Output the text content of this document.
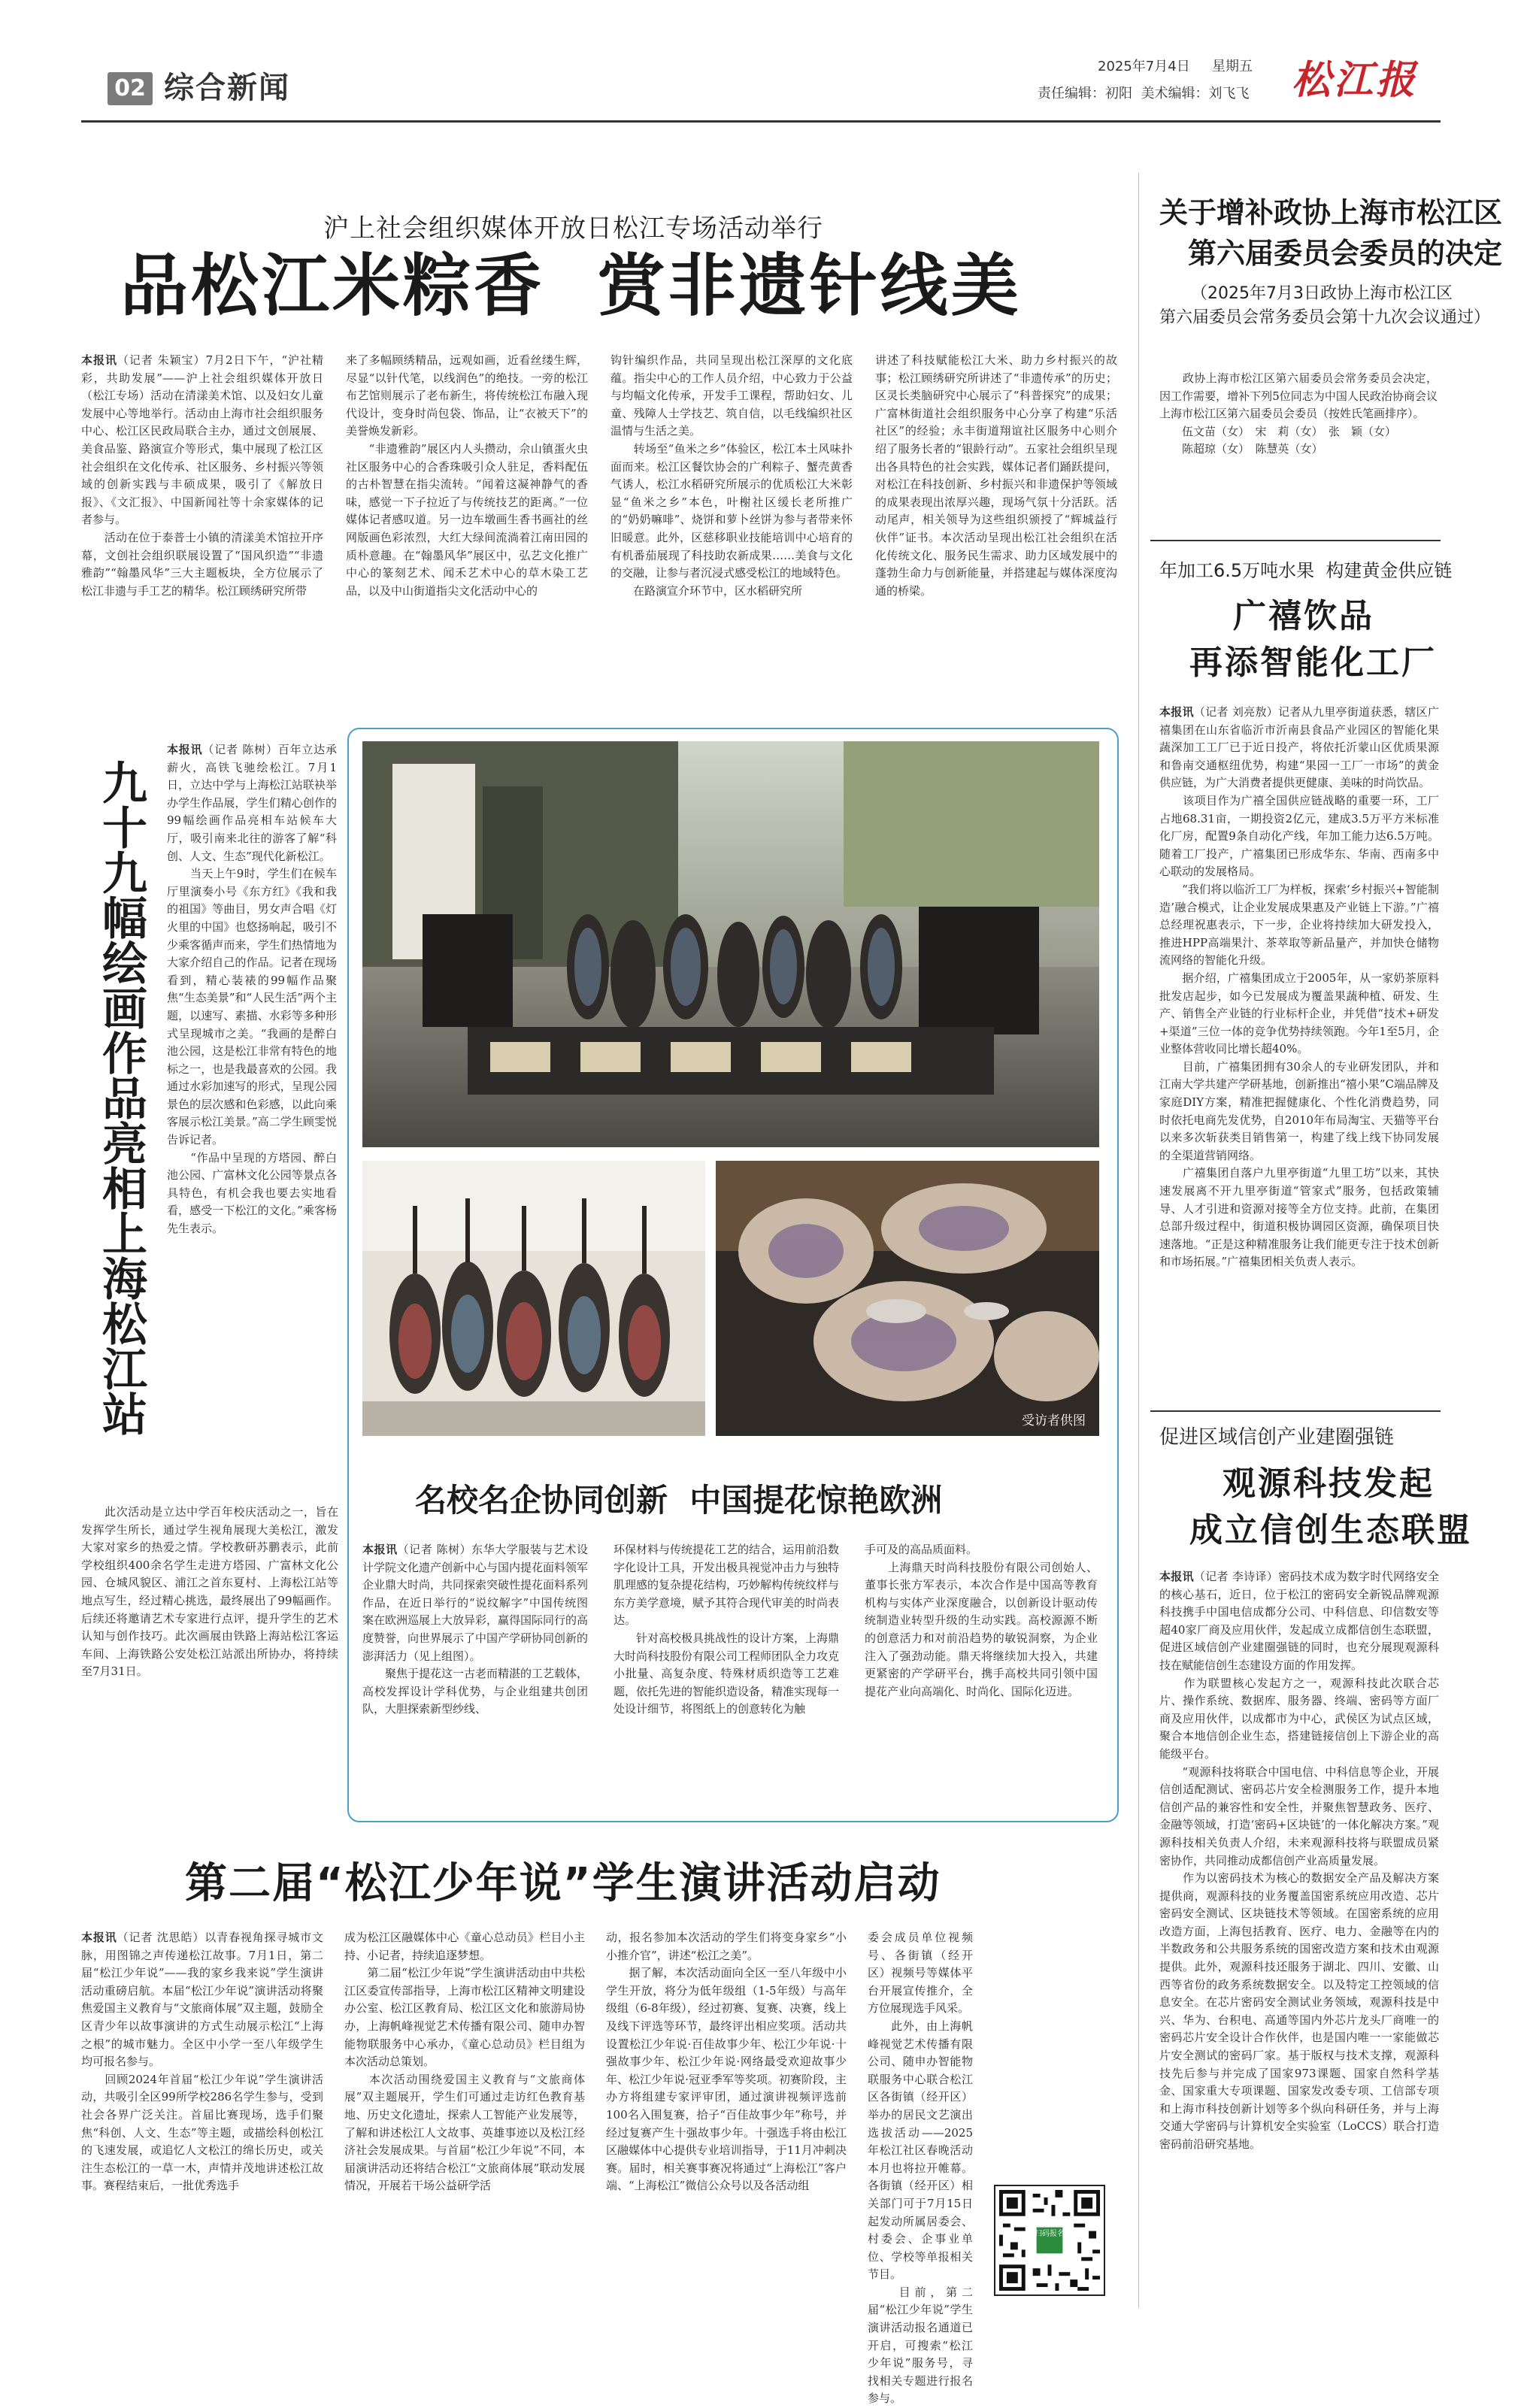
02 综合新闻
2025年7月4日 星期五
责任编辑：初阳  美术编辑：刘飞飞 松江报
沪上社会组织媒体开放日松江专场活动举行
品松江米粽香  赏非遗针线美
本报讯（记者 朱颖宝）7月2日下午，“沪社精彩，共助发展”——沪上社会组织媒体开放日（松江专场）活动在清漾美术馆、以及妇女儿童发展中心等地举行。活动由上海市社会组织服务中心、松江区民政局联合主办，通过文创展展、美食品鉴、路演宣介等形式，集中展现了松江区社会组织在文化传承、社区服务、乡村振兴等领域的创新实践与丰硕成果，吸引了《解放日报》、《文汇报》、中国新闻社等十余家媒体的记者参与。
　　活动在位于泰普士小镇的清漾美术馆拉开序幕，文创社会组织联展设置了“国风织造”“非遗雅韵”“翰墨风华”三大主题板块，全方位展示了松江非遗与手工艺的精华。松江顾绣研究所带
来了多幅顾绣精品，远观如画，近看丝缕生辉，尽显“以针代笔，以线润色”的绝技。一旁的松江布艺馆则展示了老布新生，将传统松江布融入现代设计，变身时尚包袋、饰品，让“衣被天下”的美誉焕发新彩。
　　“非遗雅韵”展区内人头攒动，佘山镇蛋火虫社区服务中心的合香珠吸引众人驻足，香料配伍的古朴智慧在指尖流转。“闻着这凝神静气的香味，感觉一下子拉近了与传统技艺的距离。”一位媒体记者感叹道。另一边车墩画生香书画社的丝网版画色彩浓烈，大红大绿间流淌着江南田园的质朴意趣。在“翰墨风华”展区中，弘艺文化推广中心的篆刻艺术、闻禾艺术中心的草木染工艺品，以及中山街道指尖文化活动中心的
钩针编织作品，共同呈现出松江深厚的文化底蕴。指尖中心的工作人员介绍，中心致力于公益与均幅文化传承，开发手工课程，帮助妇女、儿童、残障人士学技艺、筑自信，以毛线编织社区温情与生活之美。
　　转场至“鱼米之乡”体验区，松江本土风味扑面而来。松江区餐饮协会的广利粽子、蟹壳黄香气诱人，松江水稻研究所展示的优质松江大米彰显“鱼米之乡”本色，叶榭社区缓长老所推广的“奶奶嘛啡”、烧饼和萝卜丝饼为参与者带来怀旧暖意。此外，区慈移职业技能培训中心培育的有机番茄展现了科技助农新成果……美食与文化的交融，让参与者沉浸式感受松江的地域特色。
　　在路演宣介环节中，区水稻研究所
讲述了科技赋能松江大米、助力乡村振兴的故事；松江顾绣研究所讲述了“非遗传承”的历史；区灵长类脑研究中心展示了“科普探究”的成果；广富林街道社会组织服务中心分享了构建“乐活社区”的经验；永丰街道翔谊社区服务中心则介绍了服务长者的“银龄行动”。五家社会组织呈现出各具特色的社会实践，媒体记者们踊跃提问，对松江在科技创新、乡村振兴和非遗保护等领域的成果表现出浓厚兴趣，现场气氛十分活跃。活动尾声，相关领导为这些组织颁授了“辉城益行伙伴”证书。本次活动呈现出松江社会组织在活化传统文化、服务民生需求、助力区域发展中的蓬勃生命力与创新能量，并搭建起与媒体深度沟通的桥梁。
九十九幅绘画作品亮相上海松江站
本报讯（记者 陈树）百年立达承薪火，高铁飞驰绘松江。7月1日，立达中学与上海松江站联袂举办学生作品展，学生们精心创作的99幅绘画作品亮相车站候车大厅，吸引南来北往的游客了解“科创、人文、生态”现代化新松江。
　　当天上午9时，学生们在候车厅里演奏小号《东方红》《我和我的祖国》等曲目，男女声合唱《灯火里的中国》也悠扬响起，吸引不少乘客循声而来，学生们热情地为大家介绍自己的作品。记者在现场看到，精心装裱的99幅作品聚焦“生态美景”和“人民生活”两个主题，以速写、素描、水彩等多种形式呈现城市之美。“我画的是醉白池公园，这是松江非常有特色的地标之一，也是我最喜欢的公园。我通过水彩加速写的形式，呈现公园景色的层次感和色彩感，以此向乘客展示松江美景。”高二学生顾雯悦告诉记者。
　　“作品中呈现的方塔园、醉白池公园、广富林文化公园等景点各具特色，有机会我也要去实地看看，感受一下松江的文化。”乘客杨先生表示。
　　此次活动是立达中学百年校庆活动之一，旨在发挥学生所长，通过学生视角展现大美松江，激发大家对家乡的热爱之情。学校教研苏鹏表示，此前学校组织400余名学生走进方塔园、广富林文化公园、仓城风貌区、浦江之首东夏村、上海松江站等地点写生，经过精心挑选，最终展出了99幅画作。后续还将邀请艺术专家进行点评，提升学生的艺术认知与创作技巧。此次画展由铁路上海站松江客运车间、上海铁路公安处松江站派出所协办，将持续至7月31日。
受访者供图
名校名企协同创新  中国提花惊艳欧洲
本报讯（记者 陈树）东华大学服装与艺术设计学院文化遗产创新中心与国内提花面料领军企业鼎大时尚，共同探索突破性提花面料系列作品，在近日举行的“说纹解字”中国传统图案在欧洲巡展上大放异彩，赢得国际同行的高度赞誉，向世界展示了中国产学研协同创新的澎湃活力（见上组图）。
　　聚焦于提花这一古老而精湛的工艺载体，高校发挥设计学科优势，与企业组建共创团队，大胆探索新型纱线、
环保材料与传统提花工艺的结合，运用前沿数字化设计工具，开发出极具视觉冲击力与独特肌理感的复杂提花结构，巧妙解构传统纹样与东方美学意境，赋予其符合现代审美的时尚表达。
　　针对高校极具挑战性的设计方案，上海鼎大时尚科技股份有限公司工程师团队全力攻克小批量、高复杂度、特殊材质织造等工艺难题，依托先进的智能织造设备，精准实现每一处设计细节，将图纸上的创意转化为触
手可及的高品质面料。
　　上海鼎天时尚科技股份有限公司创始人、董事长张方军表示，本次合作是中国高等教育机构与实体产业深度融合，以创新设计驱动传统制造业转型升级的生动实践。高校源源不断的创意活力和对前沿趋势的敏锐洞察，为企业注入了强劲动能。鼎天将继续加大投入，共建更紧密的产学研平台，携手高校共同引领中国提花产业向高端化、时尚化、国际化迈进。
第二届“松江少年说”学生演讲活动启动
本报讯（记者 沈思皓）以青春视角探寻城市文脉，用图锦之声传递松江故事。7月1日，第二届“松江少年说”——我的家乡我来说”学生演讲活动重磅启航。本届“松江少年说”演讲活动将聚焦爱国主义教育与“文旅商体展”双主题，鼓励全区青少年以故事演讲的方式生动展示松江“上海之根”的城市魅力。全区中小学一至八年级学生均可报名参与。
　　回顾2024年首届“松江少年说”学生演讲活动，共吸引全区99所学校286名学生参与，受到社会各界广泛关注。首届比赛现场，选手们聚焦“科创、人文、生态”等主题，或描绘科创松江的飞速发展，或追忆人文松江的绵长历史，或关注生态松江的一草一木，声情并茂地讲述松江故事。赛程结束后，一批优秀选手
成为松江区融媒体中心《童心总动员》栏目小主持、小记者，持续追逐梦想。
　　第二届“松江少年说”学生演讲活动由中共松江区委宣传部指导，上海市松江区精神文明建设办公室、松江区教育局、松江区文化和旅游局协办，上海帆峰视觉艺术传播有限公司、随申办智能物联服务中心承办，《童心总动员》栏目组为本次活动总策划。
　　本次活动围绕爱国主义教育与“文旅商体展”双主题展开，学生们可通过走访红色教育基地、历史文化遗址，探索人工智能产业发展等，了解和讲述松江人文故事、英雄事迹以及松江经济社会发展成果。与首届“松江少年说”不同，本届演讲活动还将结合松江“文旅商体展”联动发展情况，开展若干场公益研学活
动，报名参加本次活动的学生们将变身家乡“小小推介官”，讲述“松江之美”。
　　据了解，本次活动面向全区一至八年级中小学生开放，将分为低年级组（1-5年级）与高年级组（6-8年级），经过初赛、复赛、决赛，线上及线下评选等环节，最终评出相应奖项。活动共设置松江少年说·百佳故事少年、松江少年说·十强故事少年、松江少年说·网络最受欢迎故事少年、松江少年说·冠亚季军等奖项。初赛阶段，主办方将组建专家评审团，通过演讲视频评选前100名入围复赛，拾子“百佳故事少年”称号，并经过复赛产生十强故事少年。十强选手将由松江区融媒体中心提供专业培训指导，于11月冲刺决赛。届时，相关赛事赛况将通过“上海松江”客户端、“上海松江”微信公众号以及各活动组
委会成员单位视频号、各街镇（经开区）视频号等媒体平台开展宣传推介，全方位展现选手风采。
　　此外，由上海帆峰视觉艺术传播有限公司、随申办智能物联服务中心联合松江区各街镇（经开区）举办的居民文艺演出选拔活动——2025年松江社区春晚活动本月也将拉开帷幕。各街镇（经开区）相关部门可于7月15日起发动所属居委会、村委会、企事业单位、学校等单报相关节目。
　　目前，第二届“松江少年说”学生演讲活动报名通道已开启，可搜索“松江少年说”服务号，寻找相关专题进行报名参与。
扫码报名
关于增补政协上海市松江区
第六届委员会委员的决定
（2025年7月3日政协上海市松江区
第六届委员会常务委员会第十九次会议通过）
　　政协上海市松江区第六届委员会常务委员会决定，因工作需要，增补下列5位同志为中国人民政治协商会议上海市松江区第六届委员会委员（按姓氏笔画排序）。
　　伍文苗（女）　宋　莉（女）　张　颖（女）
　　陈超琼（女）　陈慧英（女）
年加工6.5万吨水果  构建黄金供应链
广禧饮品
再添智能化工厂
本报讯（记者 刘亮敖）记者从九里亭街道获悉，辖区广禧集团在山东省临沂市沂南县食品产业园区的智能化果蔬深加工工厂已于近日投产，将依托沂蒙山区优质果源和鲁南交通枢纽优势，构建“果园一工厂一市场”的黄金供应链，为广大消费者提供更健康、美味的时尚饮品。
　　该项目作为广禧全国供应链战略的重要一环，工厂占地68.31亩，一期投资2亿元，建成3.5万平方米标准化厂房，配置9条自动化产线，年加工能力达6.5万吨。随着工厂投产，广禧集团已形成华东、华南、西南多中心联动的发展格局。
　　“我们将以临沂工厂为样板，探索‘乡村振兴+智能制造’融合模式，让企业发展成果惠及产业链上下游。”广禧总经理祝惠表示，下一步，企业将持续加大研发投入，推进HPP高端果汁、茶萃取等新品量产，并加快仓储物流网络的智能化升级。
　　据介绍，广禧集团成立于2005年，从一家奶茶原料批发店起步，如今已发展成为覆盖果蔬种植、研发、生产、销售全产业链的行业标杆企业，并凭借“技术+研发+渠道”三位一体的竞争优势持续领跑。今年1至5月，企业整体营收同比增长超40%。
　　目前，广禧集团拥有30余人的专业研发团队，并和江南大学共建产学研基地，创新推出“禧小果”C端品牌及家庭DIY方案，精准把握健康化、个性化消费趋势，同时依托电商先发优势，自2010年布局淘宝、天猫等平台以来多次斩获类目销售第一，构建了线上线下协同发展的全渠道营销网络。
　　广禧集团自落户九里亭街道“九里工坊”以来，其快速发展离不开九里亭街道“管家式”服务，包括政策辅导、人才引进和资源对接等全方位支持。此前，在集团总部升级过程中，街道积极协调园区资源，确保项目快速落地。“正是这种精准服务让我们能更专注于技术创新和市场拓展。”广禧集团相关负责人表示。
促进区域信创产业建圈强链
观源科技发起
成立信创生态联盟
本报讯（记者 李诗译）密码技术成为数字时代网络安全的核心基石，近日，位于松江的密码安全新锐品牌观源科技携手中国电信成都分公司、中科信息、印信数安等超40家厂商及应用伙伴，发起成立成都信创生态联盟，促进区域信创产业建圈强链的同时，也充分展现观源科技在赋能信创生态建设方面的作用发挥。
　　作为联盟核心发起方之一，观源科技此次联合芯片、操作系统、数据库、服务器、终端、密码等方面厂商及应用伙伴，以成都市为中心，武侯区为试点区域，聚合本地信创企业生态，搭建链接信创上下游企业的高能级平台。
　　“观源科技将联合中国电信、中科信息等企业，开展信创适配测试、密码芯片安全检测服务工作，提升本地信创产品的兼容性和安全性，并聚焦智慧政务、医疗、金融等领域，打造‘密码+区块链’的一体化解决方案。”观源科技相关负责人介绍，未来观源科技将与联盟成员紧密协作，共同推动成都信创产业高质量发展。
　　作为以密码技术为核心的数据安全产品及解决方案提供商，观源科技的业务覆盖国密系统应用改造、芯片密码安全测试、区块链技术等领域。在国密系统的应用改造方面，上海包括教育、医疗、电力、金融等在内的半数政务和公共服务系统的国密改造方案和技术由观源提供。此外，观源科技还服务于湖北、四川、安徽、山西等省份的政务系统数据安全。以及特定工控领域的信息安全。在芯片密码安全测试业务领域，观源科技是中兴、华为、台积电、高通等国内外芯片龙头厂商唯一的密码芯片安全设计合作伙伴，也是国内唯一一家能做芯片安全测试的密码厂家。基于版权与技术支撑，观源科技先后参与并完成了国家973课题、国家自然科学基金、国家重大专项课题、国家发改委专项、工信部专项和上海市科技创新计划等多个纵向科研任务，并与上海交通大学密码与计算机安全实验室（LoCCS）联合打造密码前沿研究基地。
